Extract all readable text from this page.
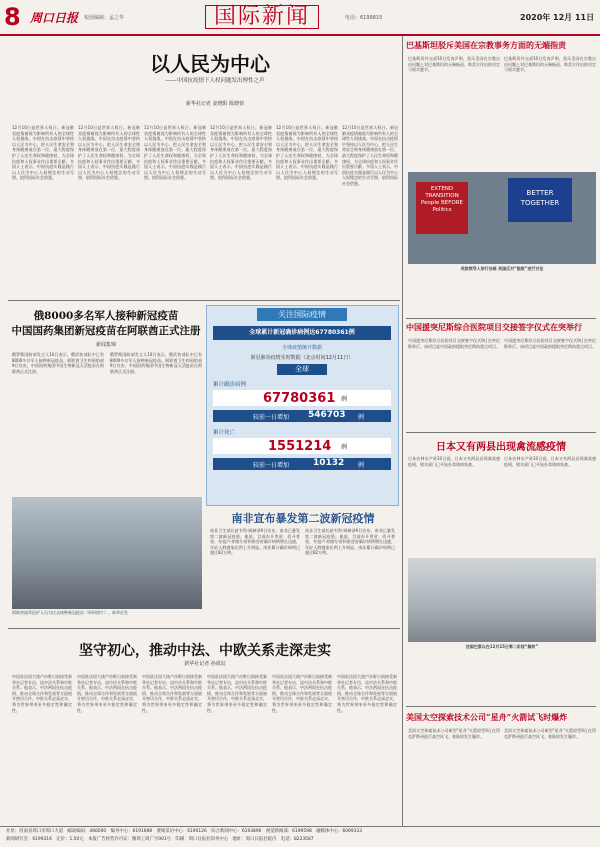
8 周口日报 校园编辑：孟之华	国际新闻	电话：6199815	2020年 12月 11日
以人民为中心
——中国抗疫情下人权问题发出理性之声
新华社记者 姜晓阳 陈晓快
12月10日是世界人权日。新冠肺炎疫情被视为影响所有人的全球性人权挑战。中国在抗击疫情中坚持以人民为中心，把人民生命安全和身体健康放在第一位，最大程度保护了人民生命权和健康权，为全球抗疫和人权事业作出重要贡献。多国人士表示，中国抗疫实践是践行以人民为中心人权理念的生动写照，值得国际社会借鉴。
12月10日是世界人权日。新冠肺炎疫情被视为影响所有人的全球性人权挑战。中国在抗击疫情中坚持以人民为中心，把人民生命安全和身体健康放在第一位，最大程度保护了人民生命权和健康权，为全球抗疫和人权事业作出重要贡献。多国人士表示，中国抗疫实践是践行以人民为中心人权理念的生动写照，值得国际社会借鉴。
12月10日是世界人权日。新冠肺炎疫情被视为影响所有人的全球性人权挑战。中国在抗击疫情中坚持以人民为中心，把人民生命安全和身体健康放在第一位，最大程度保护了人民生命权和健康权，为全球抗疫和人权事业作出重要贡献。多国人士表示，中国抗疫实践是践行以人民为中心人权理念的生动写照，值得国际社会借鉴。
12月10日是世界人权日。新冠肺炎疫情被视为影响所有人的全球性人权挑战。中国在抗击疫情中坚持以人民为中心，把人民生命安全和身体健康放在第一位，最大程度保护了人民生命权和健康权，为全球抗疫和人权事业作出重要贡献。多国人士表示，中国抗疫实践是践行以人民为中心人权理念的生动写照，值得国际社会借鉴。
12月10日是世界人权日。新冠肺炎疫情被视为影响所有人的全球性人权挑战。中国在抗击疫情中坚持以人民为中心，把人民生命安全和身体健康放在第一位，最大程度保护了人民生命权和健康权，为全球抗疫和人权事业作出重要贡献。多国人士表示，中国抗疫实践是践行以人民为中心人权理念的生动写照，值得国际社会借鉴。
12月10日是世界人权日。新冠肺炎疫情被视为影响所有人的全球性人权挑战。中国在抗击疫情中坚持以人民为中心，把人民生命安全和身体健康放在第一位，最大程度保护了人民生命权和健康权，为全球抗疫和人权事业作出重要贡献。多国人士表示，中国抗疫实践是践行以人民为中心人权理念的生动写照，值得国际社会借鉴。
俄8000多名军人接种新冠疫苗
中国国药集团新冠疫苗在阿联酋正式注册
新闻集锦
俄罗斯国防部发言人10日表示，俄武装部队中已有8000多名军人接种新冠疫苗。阿联酋卫生和预防部9日宣布，中国国药集团中国生物新冠灭活疫苗在阿联酋正式注册。
俄罗斯国防部发言人10日表示，俄武装部队中已有8000多名军人接种新冠疫苗。阿联酋卫生和预防部9日宣布，中国国药集团中国生物新冠灭活疫苗在阿联酋正式注册。
阿联酋迪拜医护人员为民众接种新冠疫苗（资料照片）。新华社发
关注国际疫情
全球累计新冠确诊病例达67780361例
全球疫情统计数据
新冠肺炎疫情实时数据（北京时间12月11日）
全球
累计确诊病例
67780361 例
较前一日增加 546703 例
累计死亡
1551214 例
较前一日增加	10132 例
南非宣布暴发第二波新冠疫情
南非卫生部长兹韦利·姆赫泽9日宣布，南非已暴发第二波新冠疫情。他说，目前东开普省、西开普省、夸祖卢-纳塔尔省和豪登省确诊病例增长迅速，年轻人群感染比例上升明显。南非累计确诊病例已超过82万例。
南非卫生部长兹韦利·姆赫泽9日宣布，南非已暴发第二波新冠疫情。他说，目前东开普省、西开普省、夸祖卢-纳塔尔省和豪登省确诊病例增长迅速，年轻人群感染比例上升明显。南非累计确诊病例已超过82万例。
坚守初心，推动中法、中欧关系走深走实
新华社记者 孙成辰
中国驻法国大使卢沙野日前接受新华社记者专访，谈中法关系和中欧关系。他表示，中法两国在抗击疫情、推动全球合作和发展等方面展开密切合作，中欧关系走深走实，将为世界带来更多稳定性和确定性。
中国驻法国大使卢沙野日前接受新华社记者专访，谈中法关系和中欧关系。他表示，中法两国在抗击疫情、推动全球合作和发展等方面展开密切合作，中欧关系走深走实，将为世界带来更多稳定性和确定性。
中国驻法国大使卢沙野日前接受新华社记者专访，谈中法关系和中欧关系。他表示，中法两国在抗击疫情、推动全球合作和发展等方面展开密切合作，中欧关系走深走实，将为世界带来更多稳定性和确定性。
中国驻法国大使卢沙野日前接受新华社记者专访，谈中法关系和中欧关系。他表示，中法两国在抗击疫情、推动全球合作和发展等方面展开密切合作，中欧关系走深走实，将为世界带来更多稳定性和确定性。
中国驻法国大使卢沙野日前接受新华社记者专访，谈中法关系和中欧关系。他表示，中法两国在抗击疫情、推动全球合作和发展等方面展开密切合作，中欧关系走深走实，将为世界带来更多稳定性和确定性。
中国驻法国大使卢沙野日前接受新华社记者专访，谈中法关系和中欧关系。他表示，中法两国在抗击疫情、推动全球合作和发展等方面展开密切合作，中欧关系走深走实，将为世界带来更多稳定性和确定性。
巴基斯坦驳斥美国在宗教事务方面的无端指责
巴基斯坦外交部10日发表声明，驳斥美国在宗教自由问题上对巴基斯坦的无端指责，称美方作出的决定与现实脱节。
巴基斯坦外交部10日发表声明，驳斥美国在宗教自由问题上对巴基斯坦的无端指责，称美方作出的决定与现实脱节。
EXTEND TRANSITION People BEFORE Politics
BETTER TOGETHER
英欧领导人举行会晤 英国反对“脱欧”进行讨论
中国援突尼斯综合医院项目交接签字仪式在突举行
中国援突尼斯综合医院项目交接签字仪式9日在突尼斯举行。该项目是中国政府援助突尼斯的重点项目。
中国援突尼斯综合医院项目交接签字仪式9日在突尼斯举行。该项目是中国政府援助突尼斯的重点项目。
日本又有两县出现禽流感疫情
日本农林水产省10日说，日本又有两县出现禽流感疫情，相关部门已开始扑杀染病家禽。
日本农林水产省10日说，日本又有两县出现禽流感疫情，相关部门已开始扑杀染病家禽。
法国巴黎以在12月15日第二阶段“解封”
美国太空探索技术公司“星舟”火箭试飞时爆炸
美国太空探索技术公司新型“星舟”火箭原型9日在得克萨斯州进行高空试飞，着陆时发生爆炸。
美国太空探索技术公司新型“星舟”火箭原型9日在得克萨斯州进行高空试飞，着陆时发生爆炸。
社址：河南省周口市周口大道　邮政编码：466000　编务中心：6191698　要闻采访中心：6190126　综合新闻中心：6193890　视觉新闻部：6199598　融媒体中心：6069333
新闻研究室：6199316　定价：1.50元　本报广告经营许可证：豫周工商广字001号　印刷：周口日报社印务中心　地址：周口日报社院内　电话：8223587
